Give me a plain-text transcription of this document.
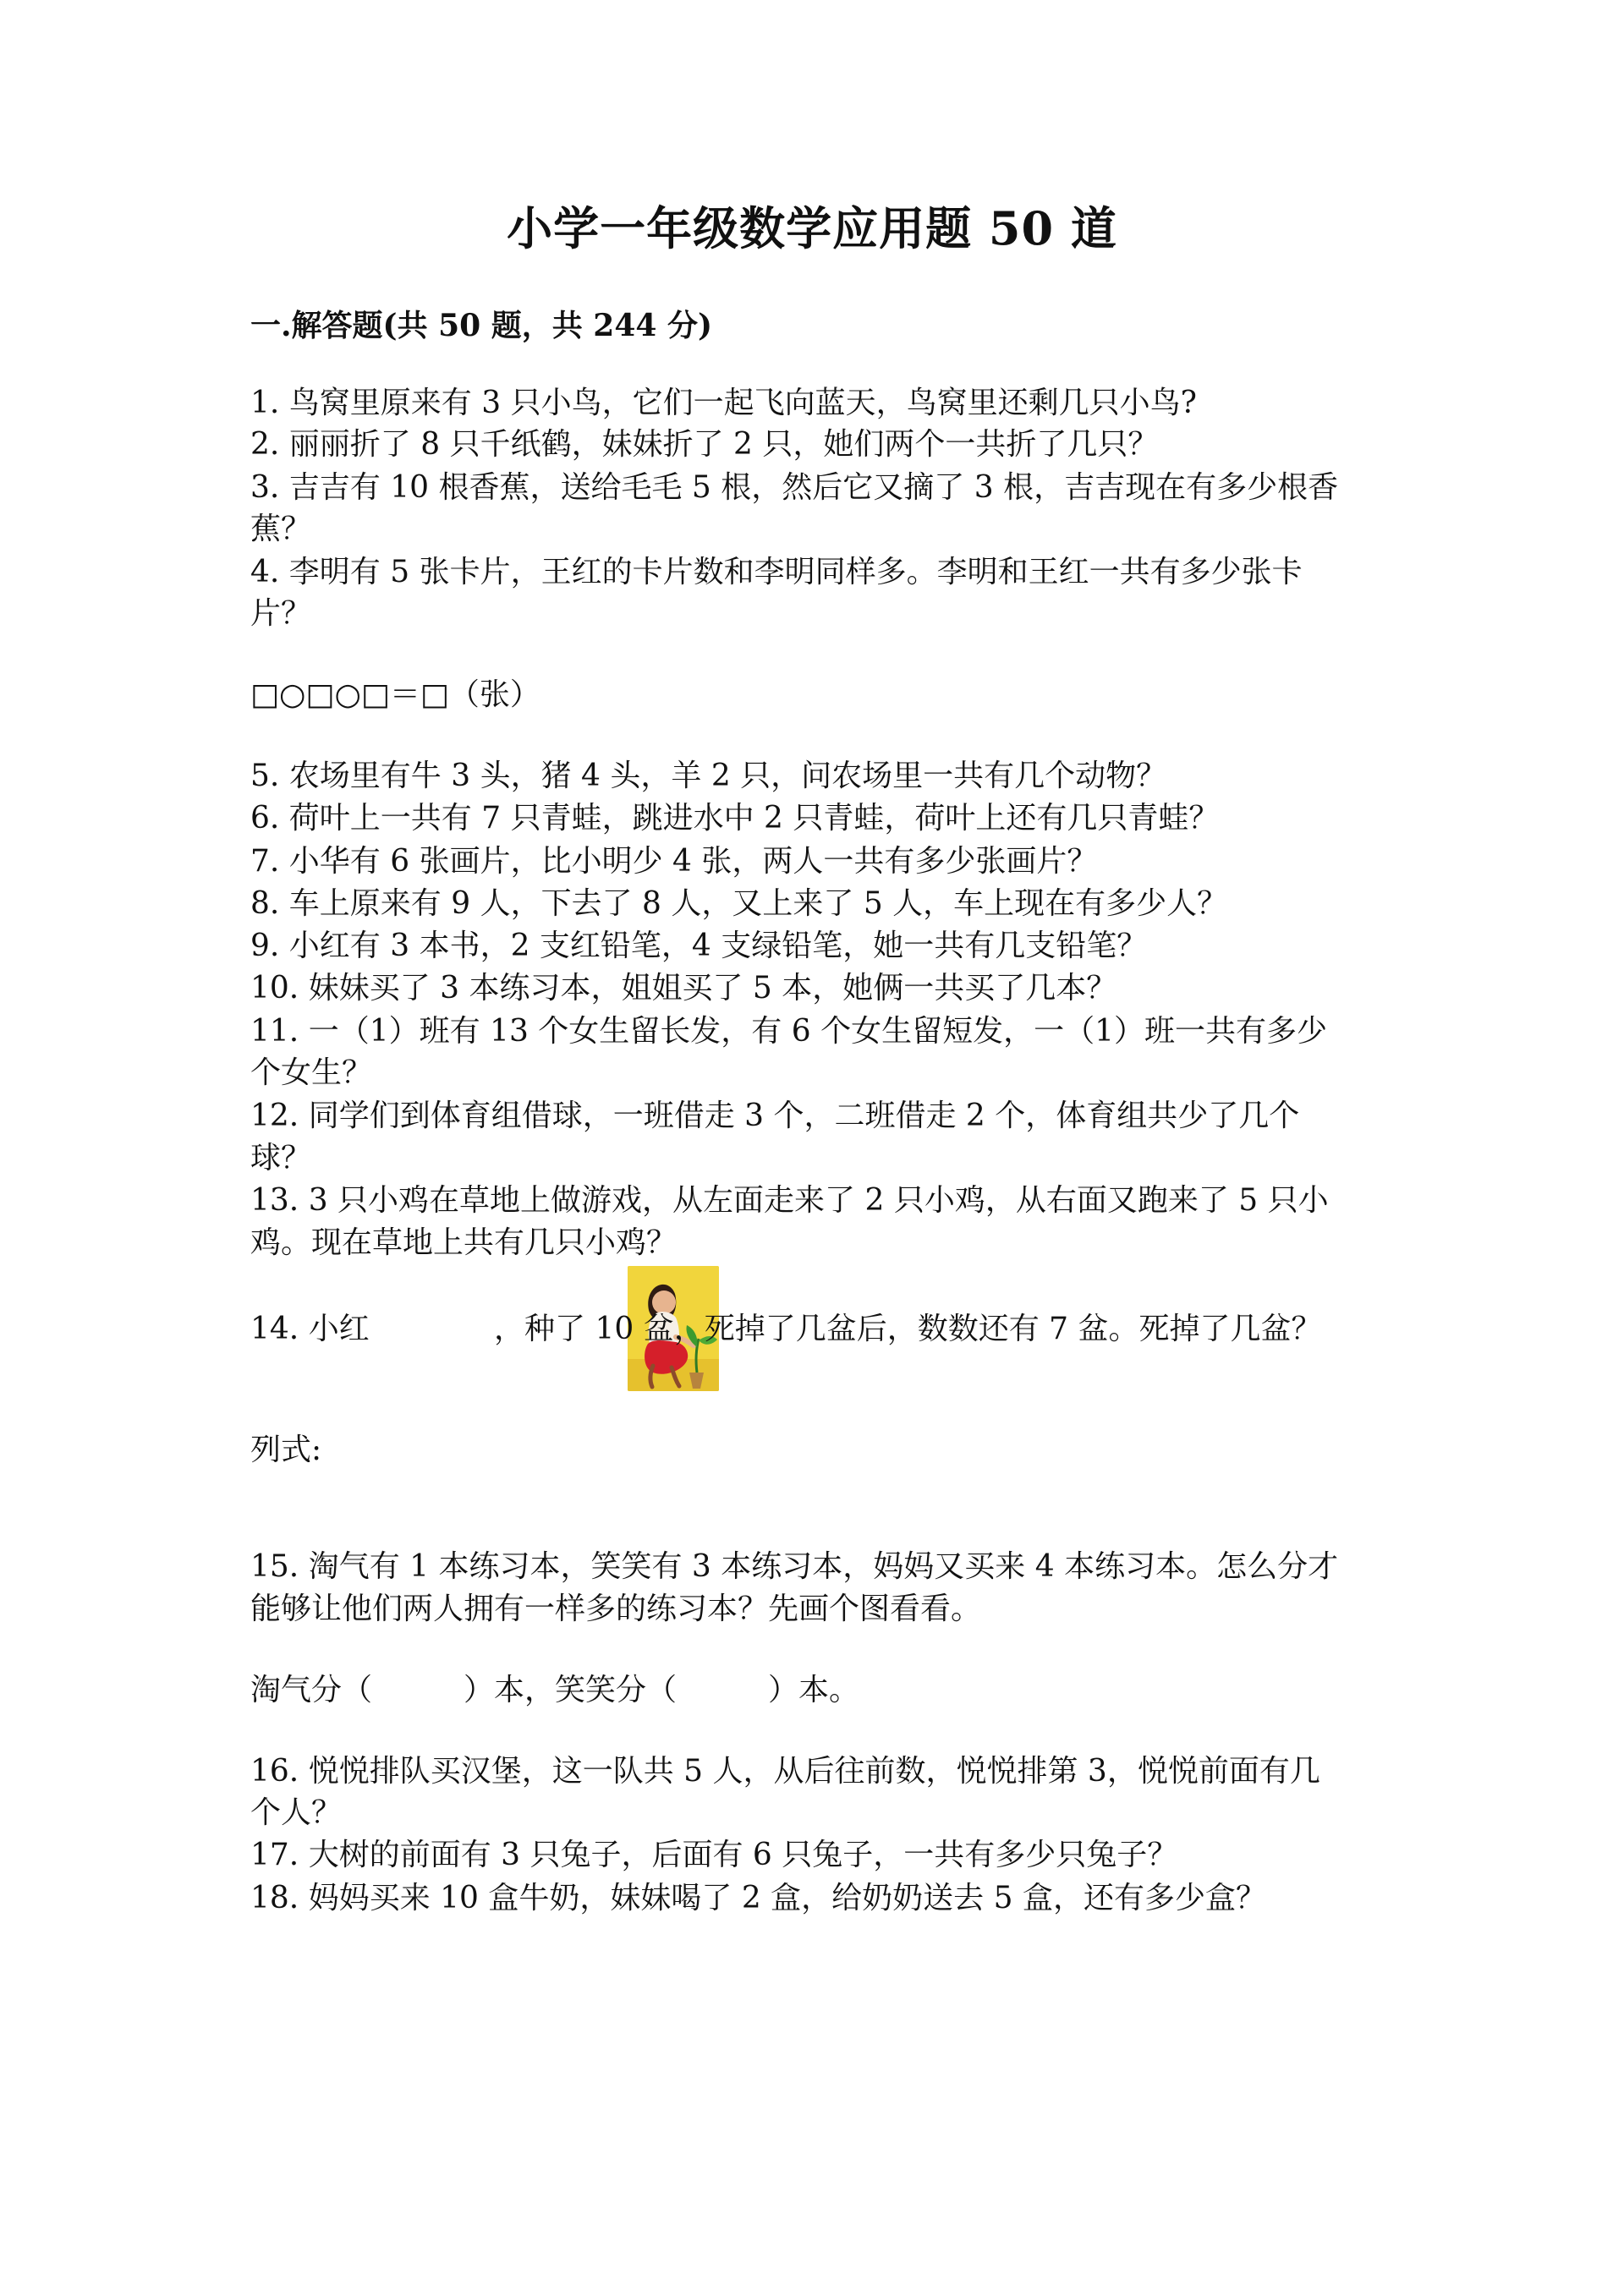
小学一年级数学应用题 50 道
一.解答题(共 50 题，共 244 分)
1. 鸟窝里原来有 3 只小鸟，它们一起飞向蓝天，鸟窝里还剩几只小鸟?
2. 丽丽折了 8 只千纸鹤，妹妹折了 2 只，她们两个一共折了几只？
3. 吉吉有 10 根香蕉，送给毛毛 5 根，然后它又摘了 3 根，吉吉现在有多少根香
蕉？
4. 李明有 5 张卡片，王红的卡片数和李明同样多。李明和王红一共有多少张卡
片？
□○□○□＝□（张）
5. 农场里有牛 3 头，猪 4 头，羊 2 只，问农场里一共有几个动物？
6. 荷叶上一共有 7 只青蛙，跳进水中 2 只青蛙，荷叶上还有几只青蛙？
7. 小华有 6 张画片，比小明少 4 张，两人一共有多少张画片？
8. 车上原来有 9 人，下去了 8 人，又上来了 5 人，车上现在有多少人？
9. 小红有 3 本书，2 支红铅笔，4 支绿铅笔，她一共有几支铅笔？
10. 妹妹买了 3 本练习本，姐姐买了 5 本，她俩一共买了几本？
11. 一（1）班有 13 个女生留长发，有 6 个女生留短发，一（1）班一共有多少
个女生？
12. 同学们到体育组借球，一班借走 3 个，二班借走 2 个，体育组共少了几个
球？
13. 3 只小鸡在草地上做游戏，从左面走来了 2 只小鸡，从右面又跑来了 5 只小
鸡。现在草地上共有几只小鸡？
14. 小红	，种了 10 盆，死掉了几盆后，数数还有 7 盆。死掉了几盆？
列式:
15. 淘气有 1 本练习本，笑笑有 3 本练习本，妈妈又买来 4 本练习本。怎么分才
能够让他们两人拥有一样多的练习本？先画个图看看。
淘气分（　　　）本，笑笑分（　　　）本。
16. 悦悦排队买汉堡，这一队共 5 人，从后往前数，悦悦排第 3，悦悦前面有几
个人？
17. 大树的前面有 3 只兔子，后面有 6 只兔子，一共有多少只兔子？
18. 妈妈买来 10 盒牛奶，妹妹喝了 2 盒，给奶奶送去 5 盒，还有多少盒？
